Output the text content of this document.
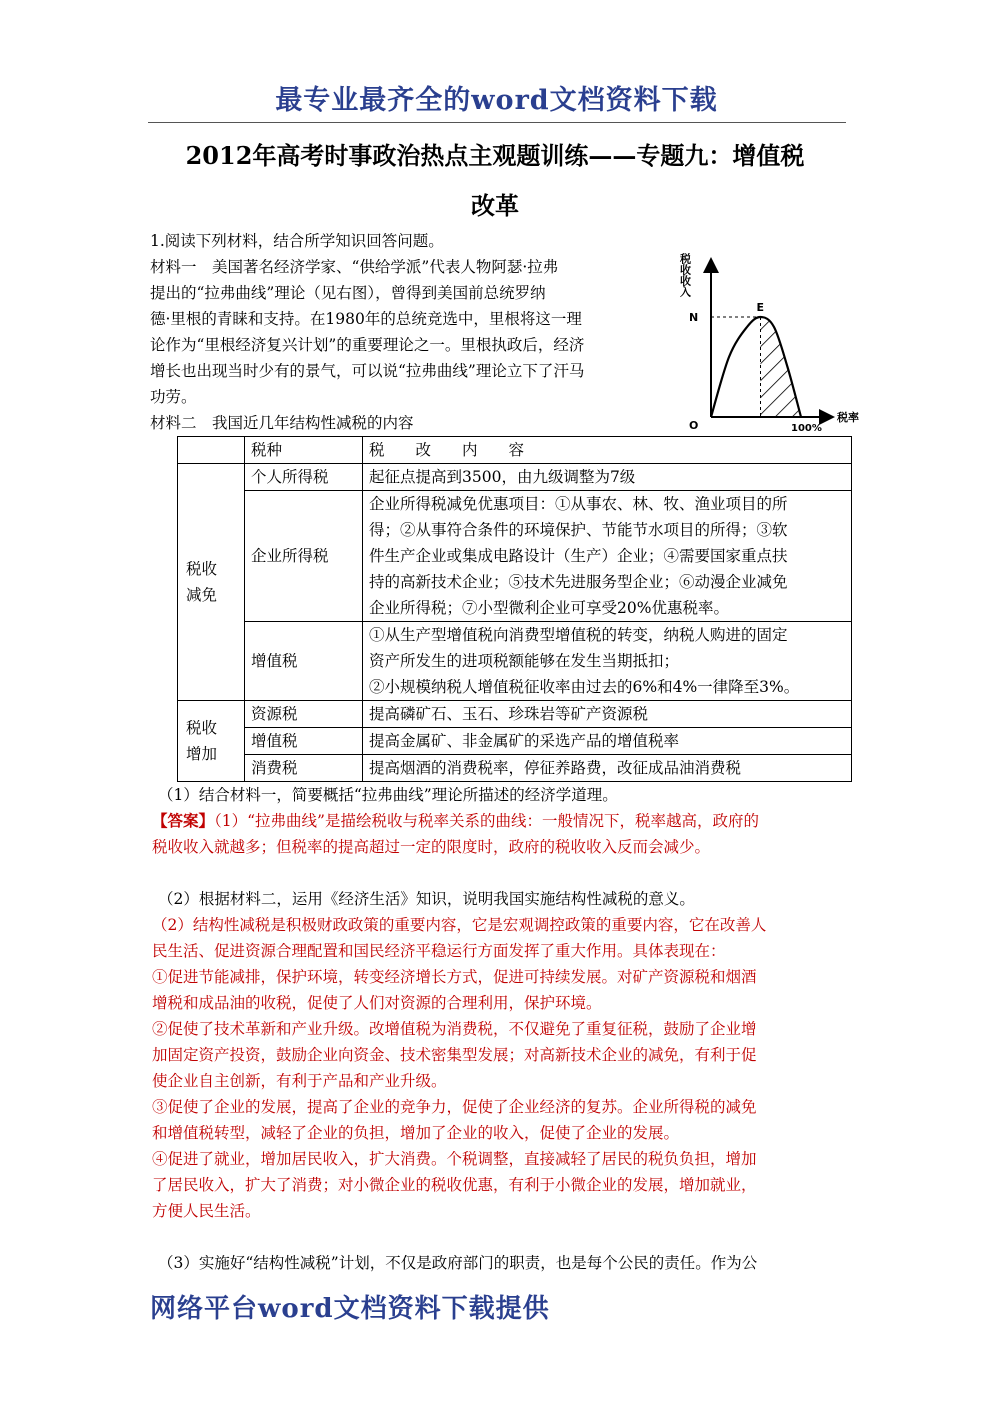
最专业最齐全的word文档资料下载
2012年高考时事政治热点主观题训练——专题九：增值税
改革
1.阅读下列材料，结合所学知识回答问题。
材料一　美国著名经济学家、“供给学派”代表人物阿瑟·拉弗
提出的“拉弗曲线”理论（见右图），曾得到美国前总统罗纳
德·里根的青睐和支持。在1980年的总统竞选中，里根将这一理
论作为“里根经济复兴计划”的重要理论之一。里根执政后，经济
增长也出现当时少有的景气，可以说“拉弗曲线”理论立下了汗马
功劳。
税收收入
N
E
O	100%
税率
材料二　我国近几年结构性减税的内容
	税种	税　　改　　内　　容
税收减免	个人所得税	起征点提高到3500，由九级调整为7级

	企业所得税	企业所得税减免优惠项目：①从事农、林、牧、渔业项目的所
得；②从事符合条件的环境保护、节能节水项目的所得；③软
件生产企业或集成电路设计（生产）企业；④需要国家重点扶
持的高新技术企业；⑤技术先进服务型企业；⑥动漫企业减免
企业所得税；⑦小型微利企业可享受20%优惠税率。

	增值税	①从生产型增值税向消费型增值税的转变，纳税人购进的固定
资产所发生的进项税额能够在发生当期抵扣；
②小规模纳税人增值税征收率由过去的6%和4%一律降至3%。

税收增加	资源税	提高磷矿石、玉石、珍珠岩等矿产资源税

	增值税	提高金属矿、非金属矿的采选产品的增值税率

	消费税	提高烟酒的消费税率，停征养路费，改征成品油消费税
（1）结合材料一，简要概括“拉弗曲线”理论所描述的经济学道理。
【答案】（1）“拉弗曲线”是描绘税收与税率关系的曲线：一般情况下，税率越高，政府的
税收收入就越多；但税率的提高超过一定的限度时，政府的税收收入反而会减少。
（2）根据材料二，运用《经济生活》知识，说明我国实施结构性减税的意义。
（2）结构性减税是积极财政政策的重要内容，它是宏观调控政策的重要内容，它在改善人
民生活、促进资源合理配置和国民经济平稳运行方面发挥了重大作用。具体表现在：
①促进节能减排，保护环境，转变经济增长方式，促进可持续发展。对矿产资源税和烟酒
增税和成品油的收税，促使了人们对资源的合理利用，保护环境。
②促使了技术革新和产业升级。改增值税为消费税，不仅避免了重复征税，鼓励了企业增
加固定资产投资，鼓励企业向资金、技术密集型发展；对高新技术企业的减免，有利于促
使企业自主创新，有利于产品和产业升级。
③促使了企业的发展，提高了企业的竞争力，促使了企业经济的复苏。企业所得税的减免
和增值税转型，减轻了企业的负担，增加了企业的收入，促使了企业的发展。
④促进了就业，增加居民收入，扩大消费。个税调整，直接减轻了居民的税负负担，增加
了居民收入，扩大了消费；对小微企业的税收优惠，有利于小微企业的发展，增加就业，
方便人民生活。
（3）实施好“结构性减税”计划，不仅是政府部门的职责，也是每个公民的责任。作为公
网络平台word文档资料下载提供
